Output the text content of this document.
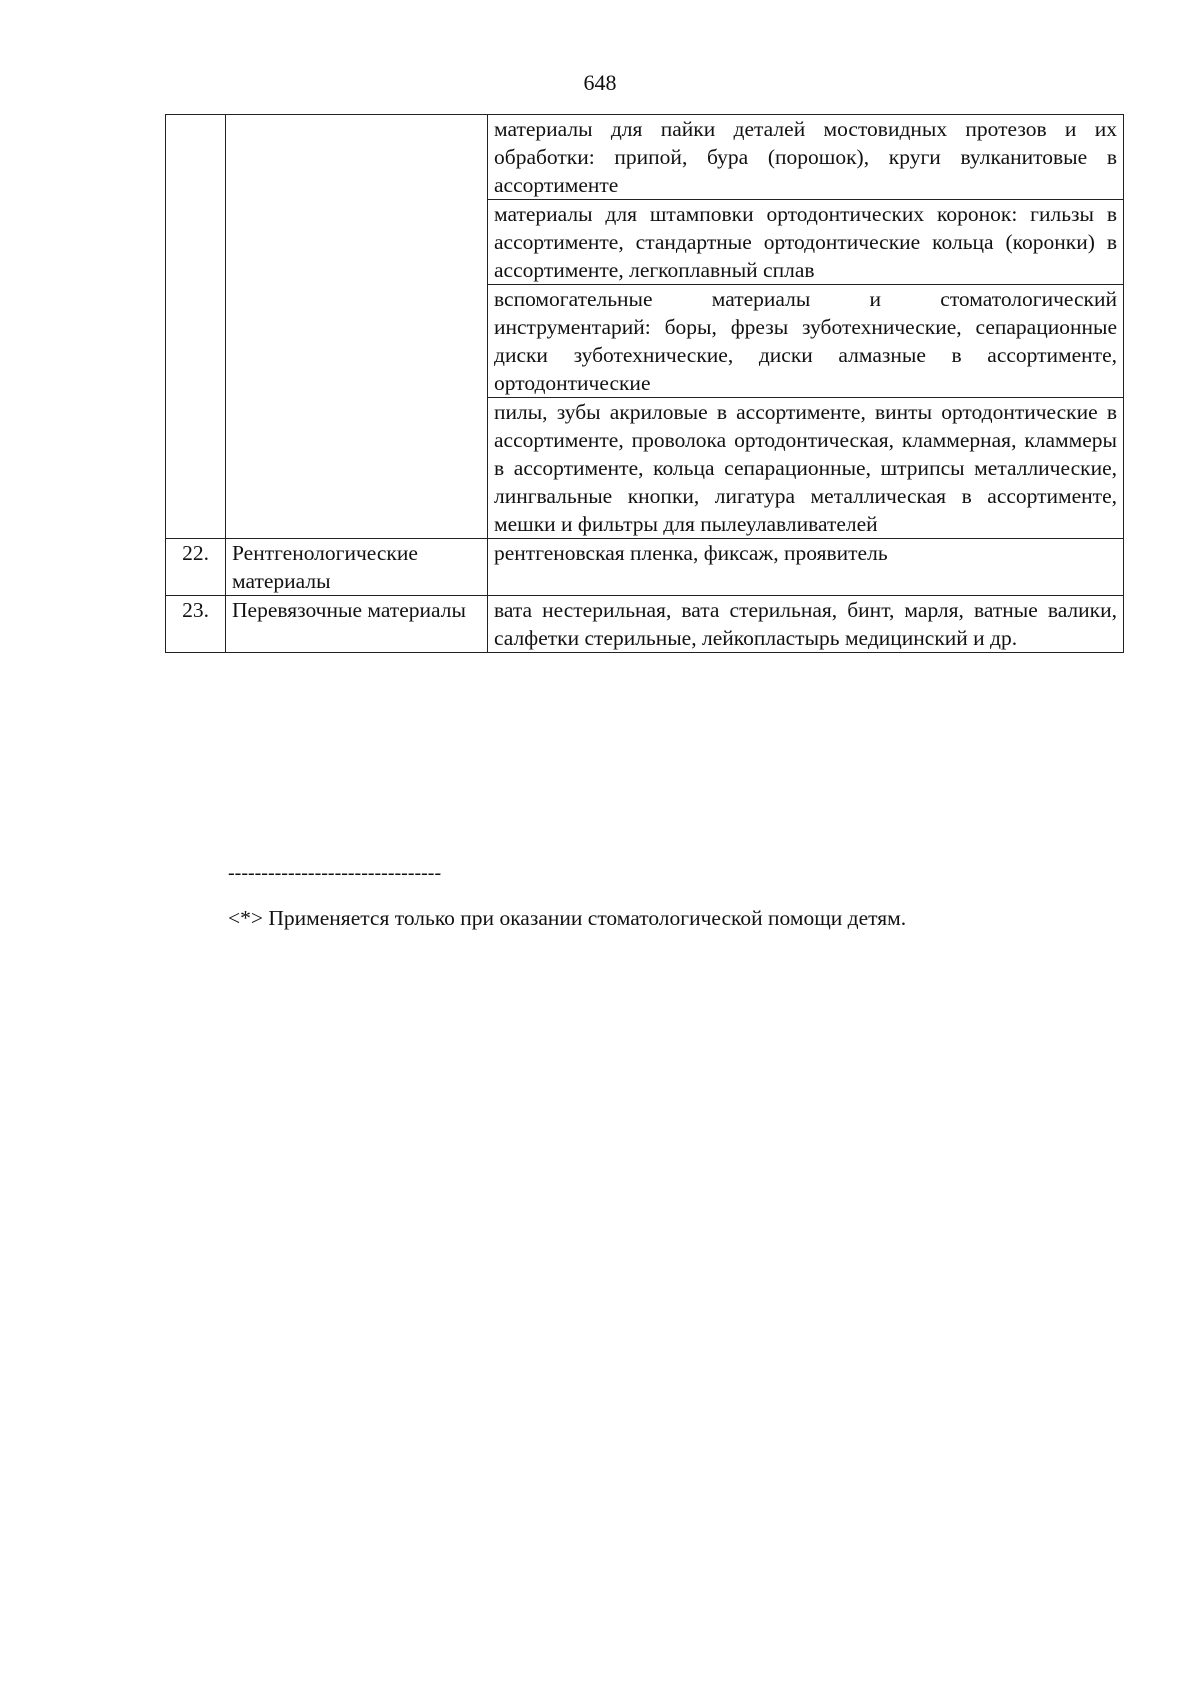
648

		материалы для пайки деталей мостовидных протезов и их обработки: припой, бура (порошок), круги вулканитовые в ассортименте

		материалы для штамповки ортодонтических коронок: гильзы в ассортименте, стандартные ортодонтические кольца (коронки) в ассортименте, легкоплавный сплав

		вспомогательные материалы и стоматологический инструментарий: боры, фрезы зуботехнические, сепарационные диски зуботехнические, диски алмазные в ассортименте, ортодонтические

		пилы, зубы акриловые в ассортименте, винты ортодонтические в ассортименте, проволока ортодонтическая, кламмерная, кламмеры в ассортименте, кольца сепарационные, штрипсы металлические, лингвальные кнопки, лигатура металлическая в ассортименте, мешки и фильтры для пылеулавливателей

22.	Рентгенологические материалы	рентгеновская пленка, фиксаж, проявитель

23.	Перевязочные материалы	вата нестерильная, вата стерильная, бинт, марля, ватные валики, салфетки стерильные, лейкопластырь медицинский и др.
--------------------------------
<*> Применяется только при оказании стоматологической помощи детям.
